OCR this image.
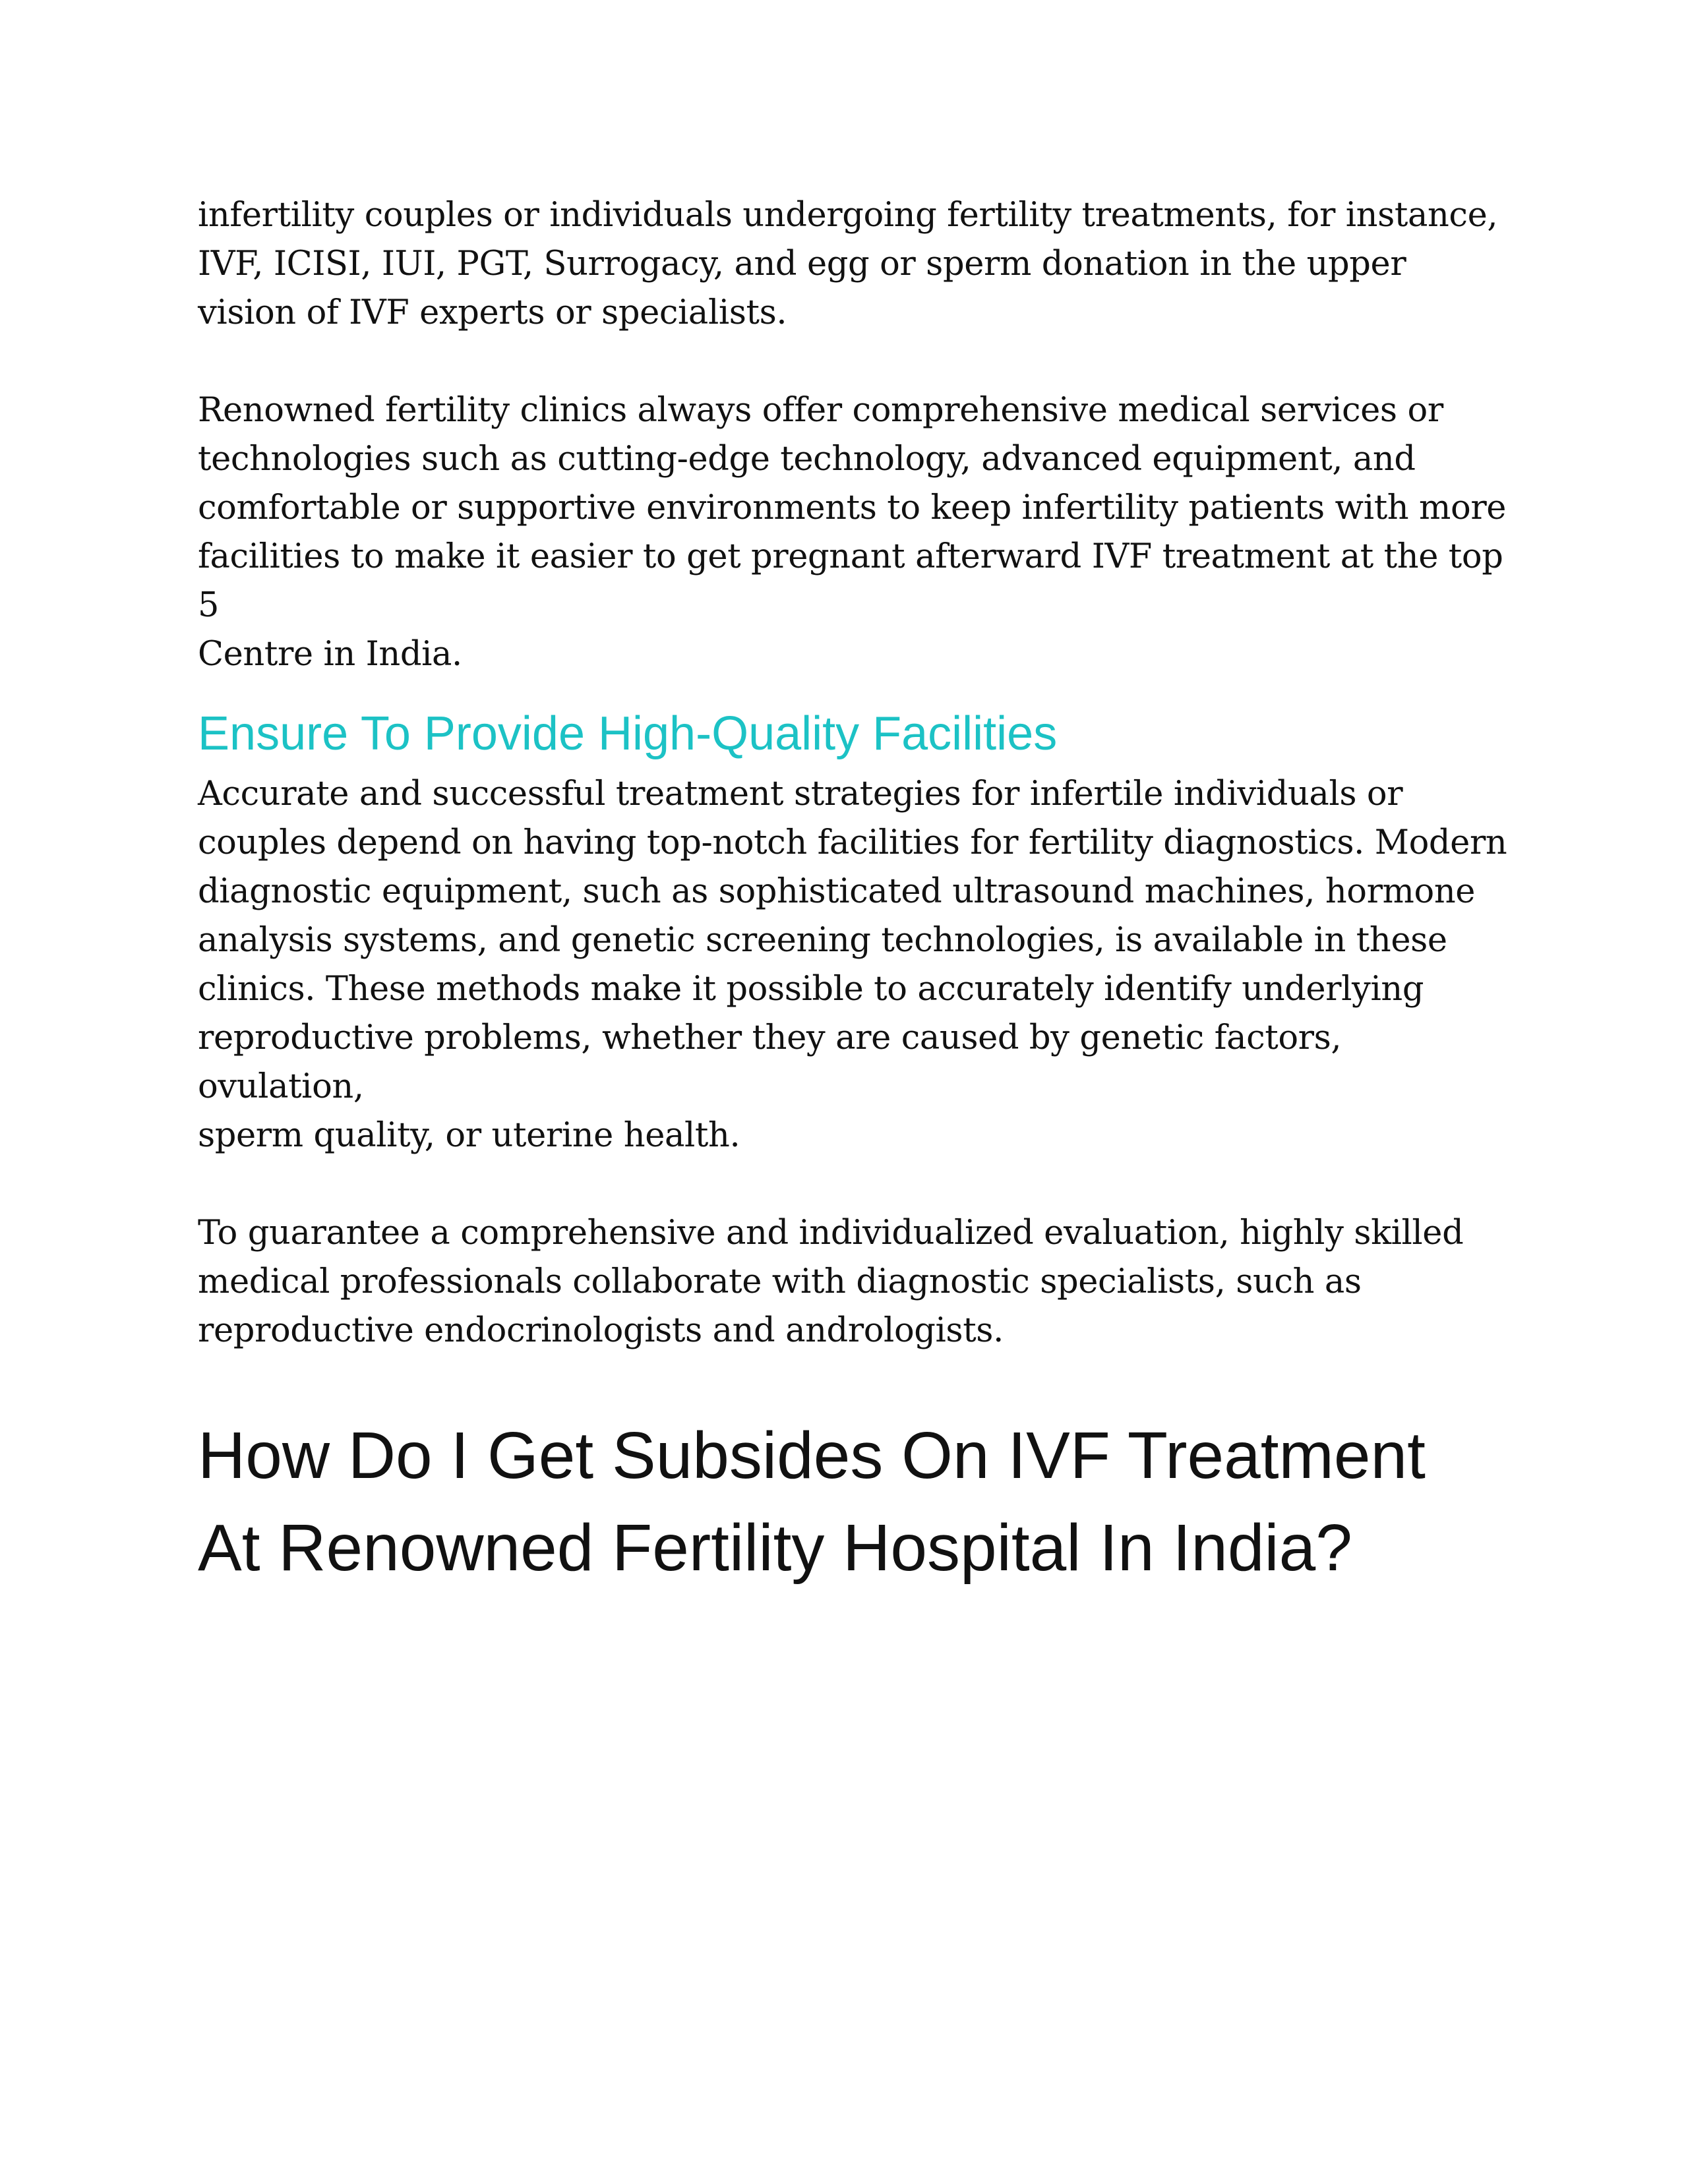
infertility couples or individuals undergoing fertility treatments, for instance,
IVF, ICISI, IUI, PGT, Surrogacy, and egg or sperm donation in the upper
vision of IVF experts or specialists.

Renowned fertility clinics always offer comprehensive medical services or
technologies such as cutting-edge technology, advanced equipment, and
comfortable or supportive environments to keep infertility patients with more
facilities to make it easier to get pregnant afterward IVF treatment at the top 5
Centre in India.

Ensure To Provide High-Quality Facilities

Accurate and successful treatment strategies for infertile individuals or
couples depend on having top-notch facilities for fertility diagnostics. Modern
diagnostic equipment, such as sophisticated ultrasound machines, hormone
analysis systems, and genetic screening technologies, is available in these
clinics. These methods make it possible to accurately identify underlying
reproductive problems, whether they are caused by genetic factors, ovulation,
sperm quality, or uterine health.

To guarantee a comprehensive and individualized evaluation, highly skilled
medical professionals collaborate with diagnostic specialists, such as
reproductive endocrinologists and andrologists.

How Do I Get Subsides On IVF Treatment
At Renowned Fertility Hospital In India?
